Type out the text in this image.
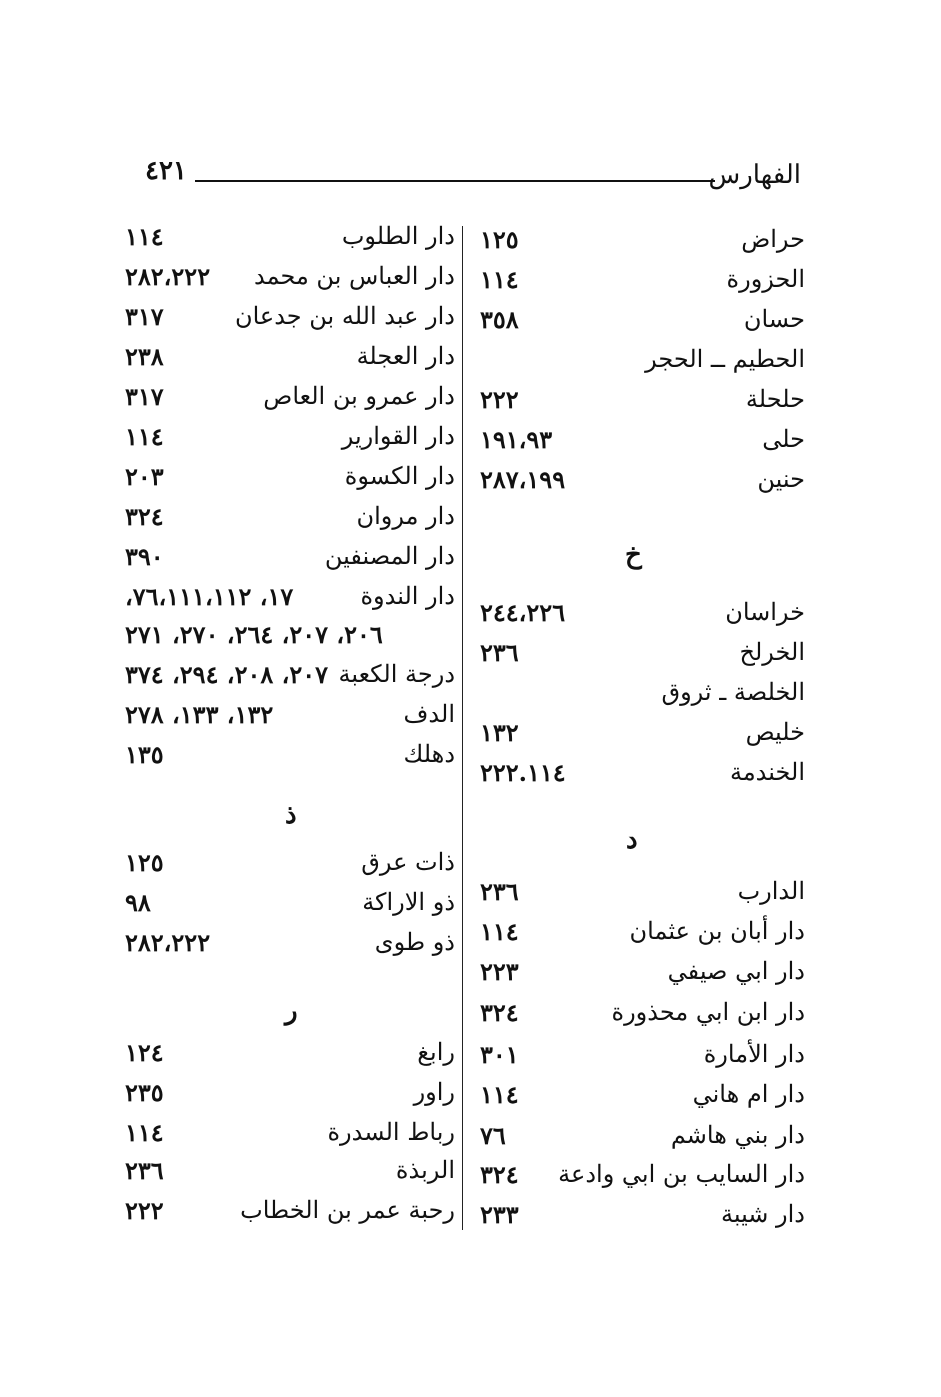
الفهارس
٤٢١
حراض
١٢٥
الحزورة
١١٤
حسان
٣٥٨
الحطيم ــ الحجر
حلحلة
٢٢٢
حلى
١٩١،٩٣
حنين
٢٨٧،١٩٩
خ
خراسان
٢٤٤،٢٢٦
الخرلخ
٢٣٦
الخلصة ـ ثروق
خليص
١٣٢
الخندمة
٢٢٢.١١٤
د
الدارب
٢٣٦
دار أبان بن عثمان
١١٤
دار ابي صيفي
٢٢٣
دار ابن ابي محذورة
٣٢٤
دار الأمارة
٣٠١
دار ام هاني
١١٤
دار بني هاشم
٧٦
دار السايب بن ابي وادعة
٣٢٤
دار شيبة
٢٣٣
دار الطلوب
١١٤
دار العباس بن محمد
٢٨٢،٢٢٢
دار عبد الله بن جدعان
٣١٧
دار العجلة
٢٣٨
دار عمرو بن العاص
٣١٧
دار القوارير
١١٤
دار الكسوة
٢٠٣
دار مروان
٣٢٤
دار المصنفين
٣٩٠
دار الندوة
١٧، ٧٦،١١١،١١٢،
٢٠٦، ٢٠٧، ٢٦٤، ٢٧٠، ٢٧١
درجة الكعبة
٢٠٧، ٢٠٨، ٢٩٤، ٣٧٤
الدف
١٣٢، ١٣٣، ٢٧٨
دهلك
١٣٥
ذ
ذات عرق
١٢٥
ذو الاراكة
٩٨
ذو طوى
٢٨٢،٢٢٢
ر
رابغ
١٢٤
راور
٢٣٥
رباط السدرة
١١٤
الربذة
٢٣٦
رحبة عمر بن الخطاب
٢٢٢
